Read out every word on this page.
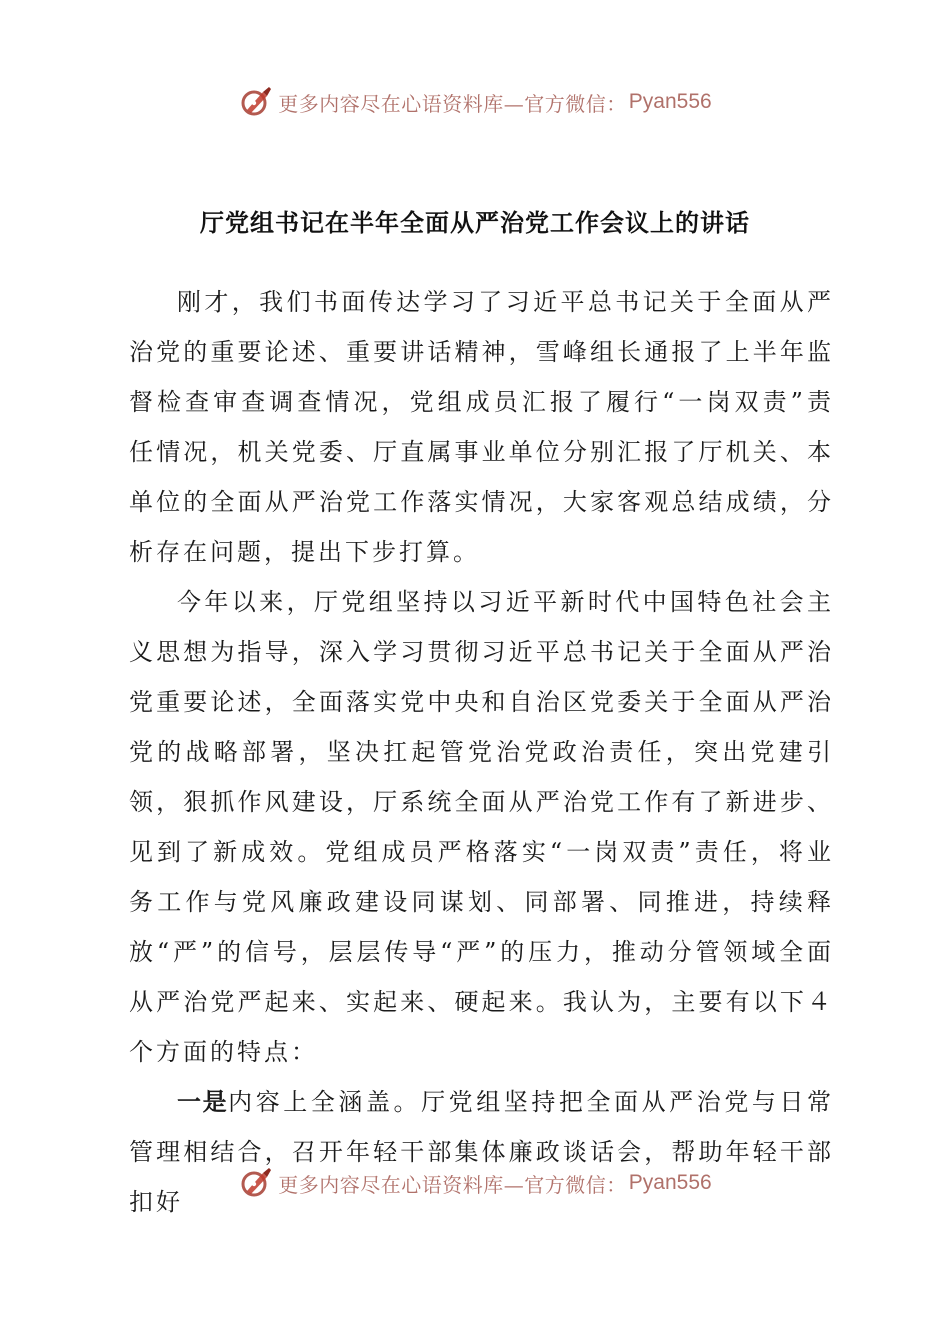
更多内容尽在心语资料库—官方微信： Pyan556
厅党组书记在半年全面从严治党工作会议上的讲话

刚才，我们书面传达学习了习近平总书记关于全面从严治党的重要论述、重要讲话精神，雪峰组长通报了上半年监督检查审查调查情况，党组成员汇报了履行“一岗双责”责任情况，机关党委、厅直属事业单位分别汇报了厅机关、本单位的全面从严治党工作落实情况，大家客观总结成绩，分析存在问题，提出下步打算。

今年以来，厅党组坚持以习近平新时代中国特色社会主义思想为指导，深入学习贯彻习近平总书记关于全面从严治党重要论述，全面落实党中央和自治区党委关于全面从严治党的战略部署，坚决扛起管党治党政治责任，突出党建引领，狠抓作风建设，厅系统全面从严治党工作有了新进步、见到了新成效。党组成员严格落实“一岗双责”责任，将业务工作与党风廉政建设同谋划、同部署、同推进，持续释放“严”的信号，层层传导“严”的压力，推动分管领域全面从严治党严起来、实起来、硬起来。我认为，主要有以下４个方面的特点：

一是内容上全涵盖。厅党组坚持把全面从严治党与日常管理相结合，召开年轻干部集体廉政谈话会，帮助年轻干部扣好

更多内容尽在心语资料库—官方微信： Pyan556
